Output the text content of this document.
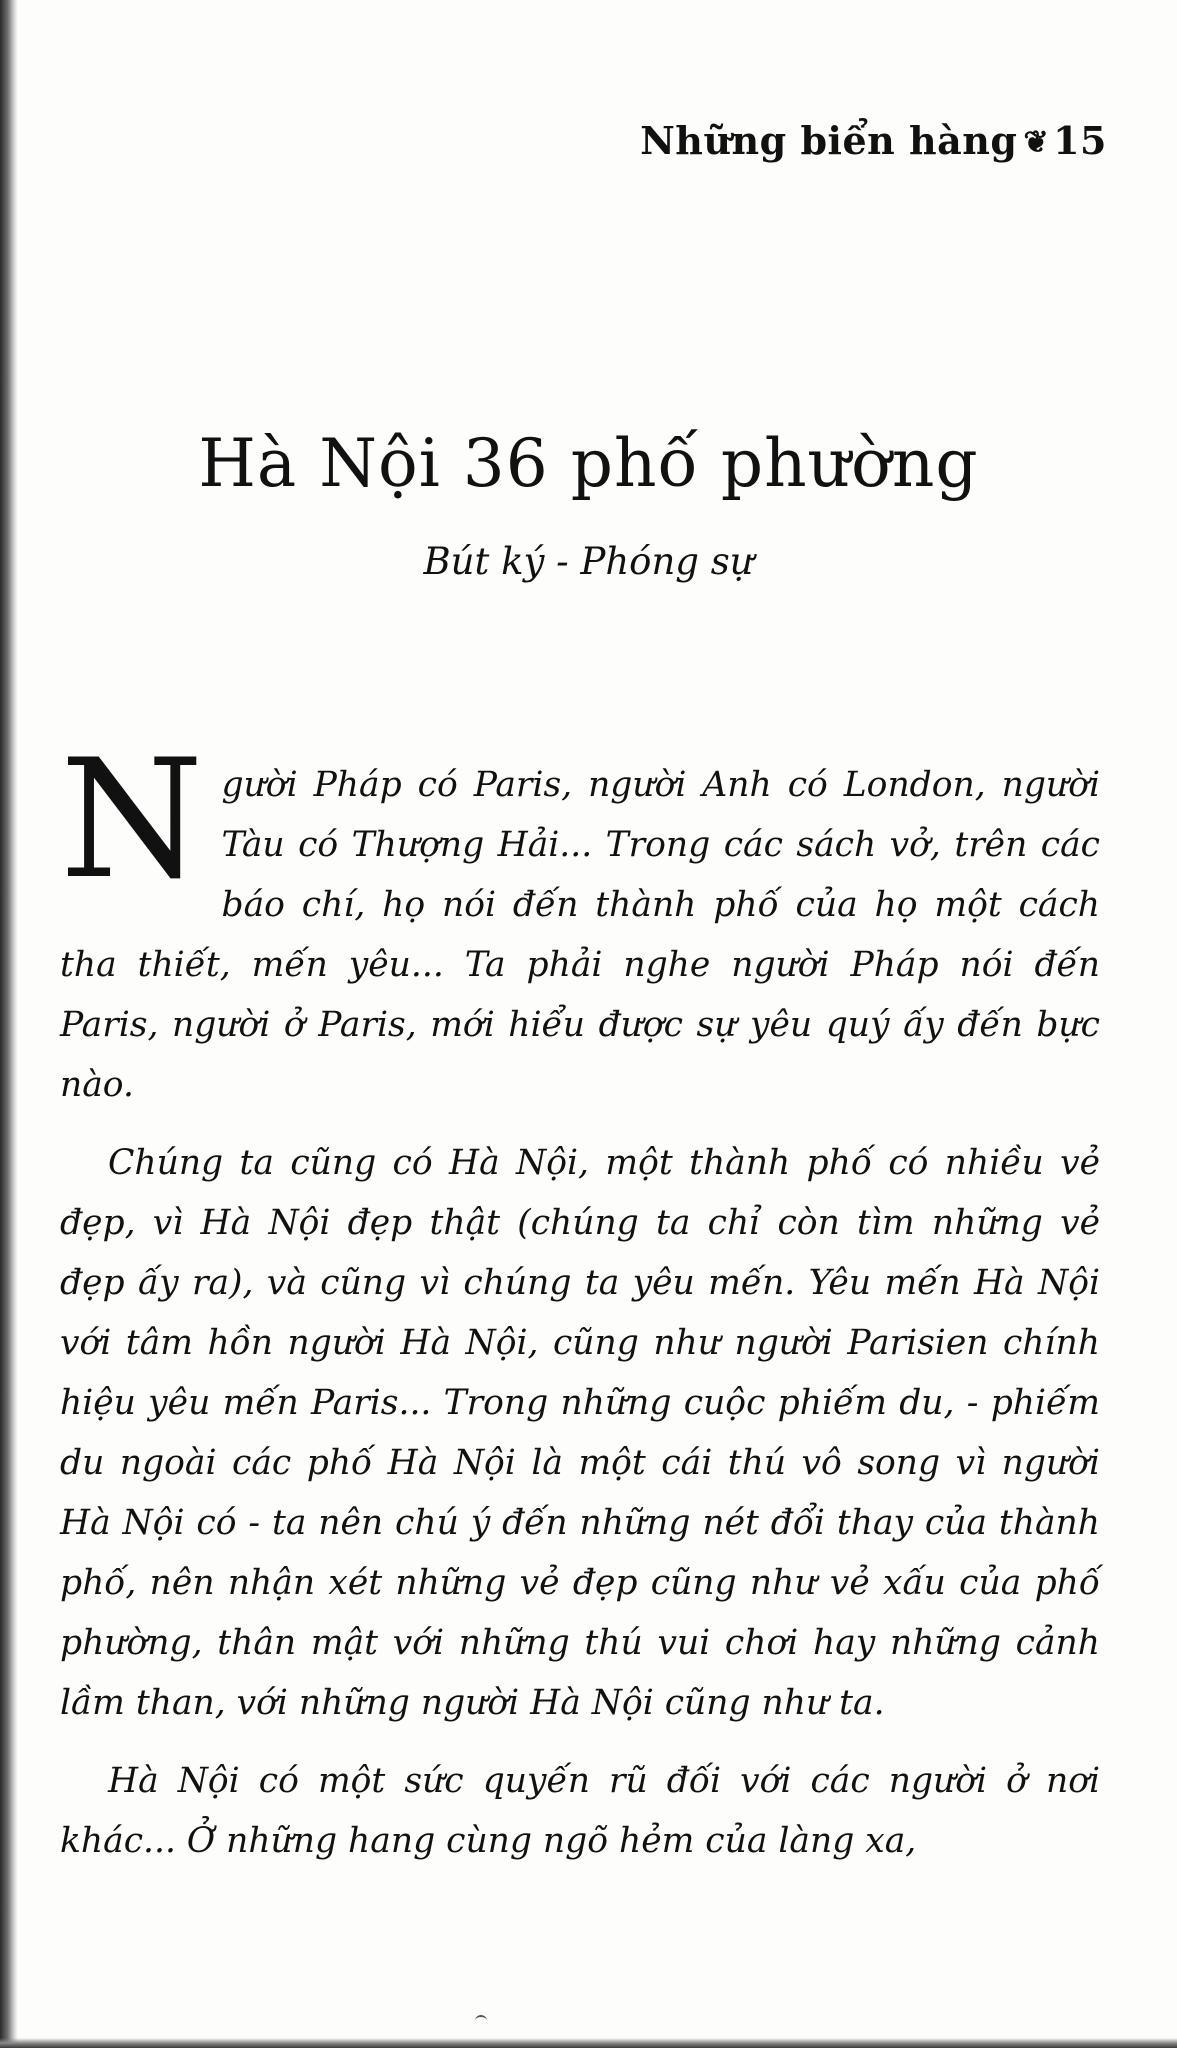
Những biển hàng ❦ 15
Hà Nội 36 phố phường
Bút ký - Phóng sự

Người Pháp có Paris, người Anh có London, người Tàu có Thượng Hải... Trong các sách vở, trên các báo chí, họ nói đến thành phố của họ một cách tha thiết, mến yêu... Ta phải nghe người Pháp nói đến Paris, người ở Paris, mới hiểu được sự yêu quý ấy đến bực nào.

Chúng ta cũng có Hà Nội, một thành phố có nhiều vẻ đẹp, vì Hà Nội đẹp thật (chúng ta chỉ còn tìm những vẻ đẹp ấy ra), và cũng vì chúng ta yêu mến. Yêu mến Hà Nội với tâm hồn người Hà Nội, cũng như người Parisien chính hiệu yêu mến Paris... Trong những cuộc phiếm du, - phiếm du ngoài các phố Hà Nội là một cái thú vô song vì người Hà Nội có - ta nên chú ý đến những nét đổi thay của thành phố, nên nhận xét những vẻ đẹp cũng như vẻ xấu của phố phường, thân mật với những thú vui chơi hay những cảnh lầm than, với những người Hà Nội cũng như ta.

Hà Nội có một sức quyến rũ đối với các người ở nơi khác... Ở những hang cùng ngõ hẻm của làng xa,
